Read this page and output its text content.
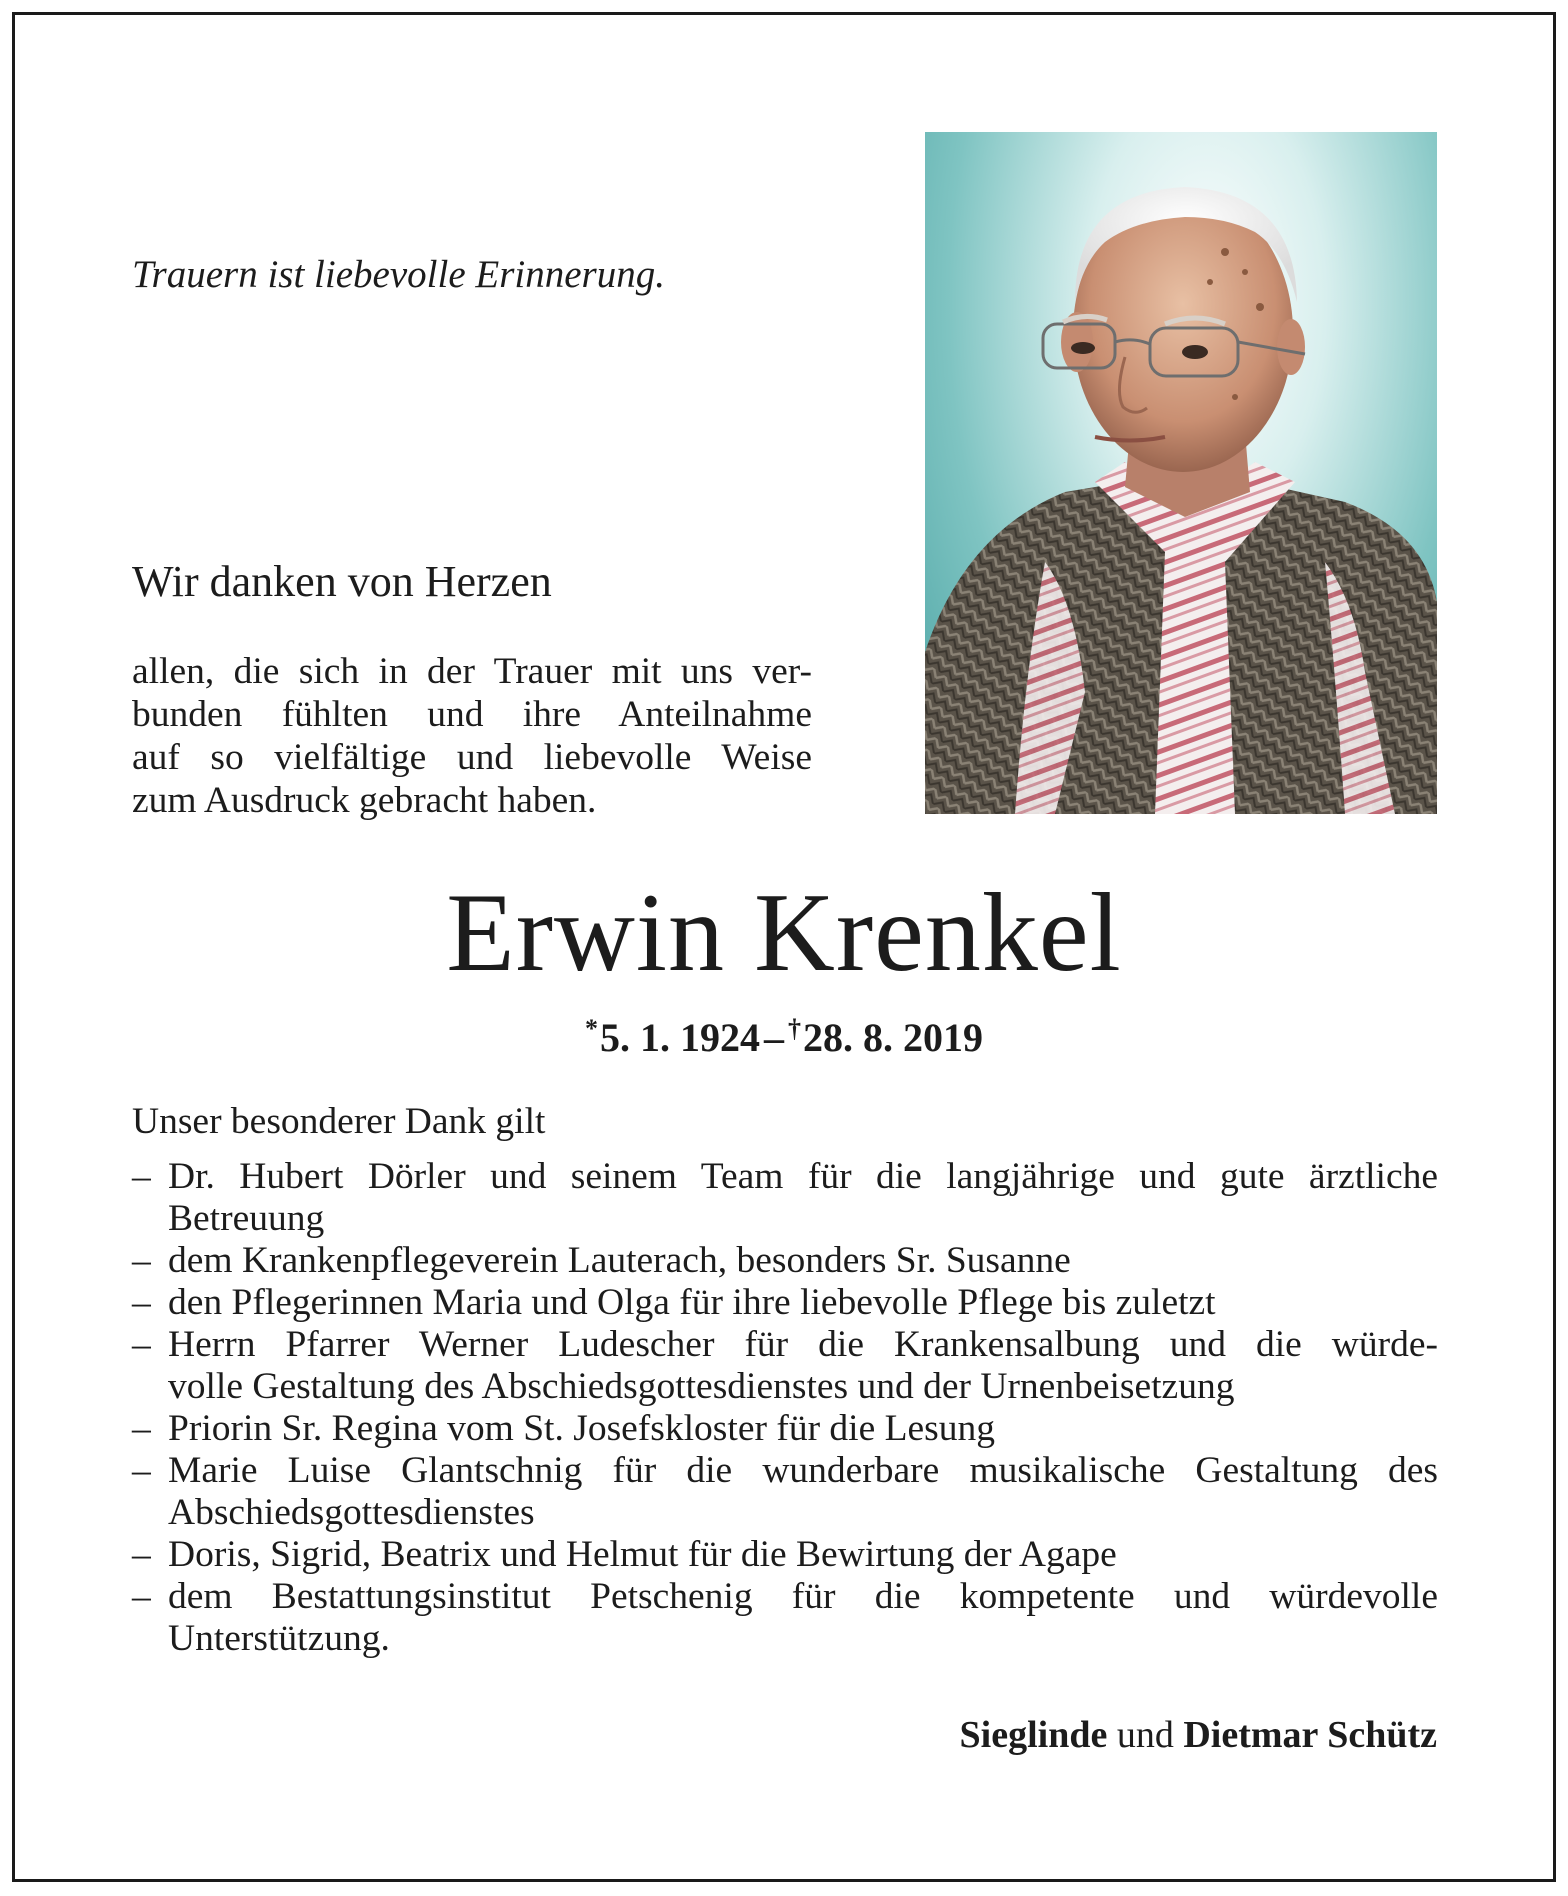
Trauern ist liebevolle Erinnerung.
Wir danken von Herzen
allen, die sich in der Trauer mit uns ver-
bunden fühlten und ihre Anteilnahme
auf so vielfältige und liebevolle Weise
zum Ausdruck gebracht haben.
Erwin Krenkel
*5. 1. 1924 – †28. 8. 2019
Unser besonderer Dank gilt
– Dr. Hubert Dörler und seinem Team für die langjährige und gute ärztliche
Betreuung
– dem Krankenpflegeverein Lauterach, besonders Sr. Susanne
– den Pflegerinnen Maria und Olga für ihre liebevolle Pflege bis zuletzt
– Herrn Pfarrer Werner Ludescher für die Krankensalbung und die würde-
volle Gestaltung des Abschiedsgottesdienstes und der Urnenbeisetzung
– Priorin Sr. Regina vom St. Josefskloster für die Lesung
– Marie Luise Glantschnig für die wunderbare musikalische Gestaltung des
Abschiedsgottesdienstes
– Doris, Sigrid, Beatrix und Helmut für die Bewirtung der Agape
– dem Bestattungsinstitut Petschenig für die kompetente und würdevolle
Unterstützung.
Sieglinde und Dietmar Schütz
